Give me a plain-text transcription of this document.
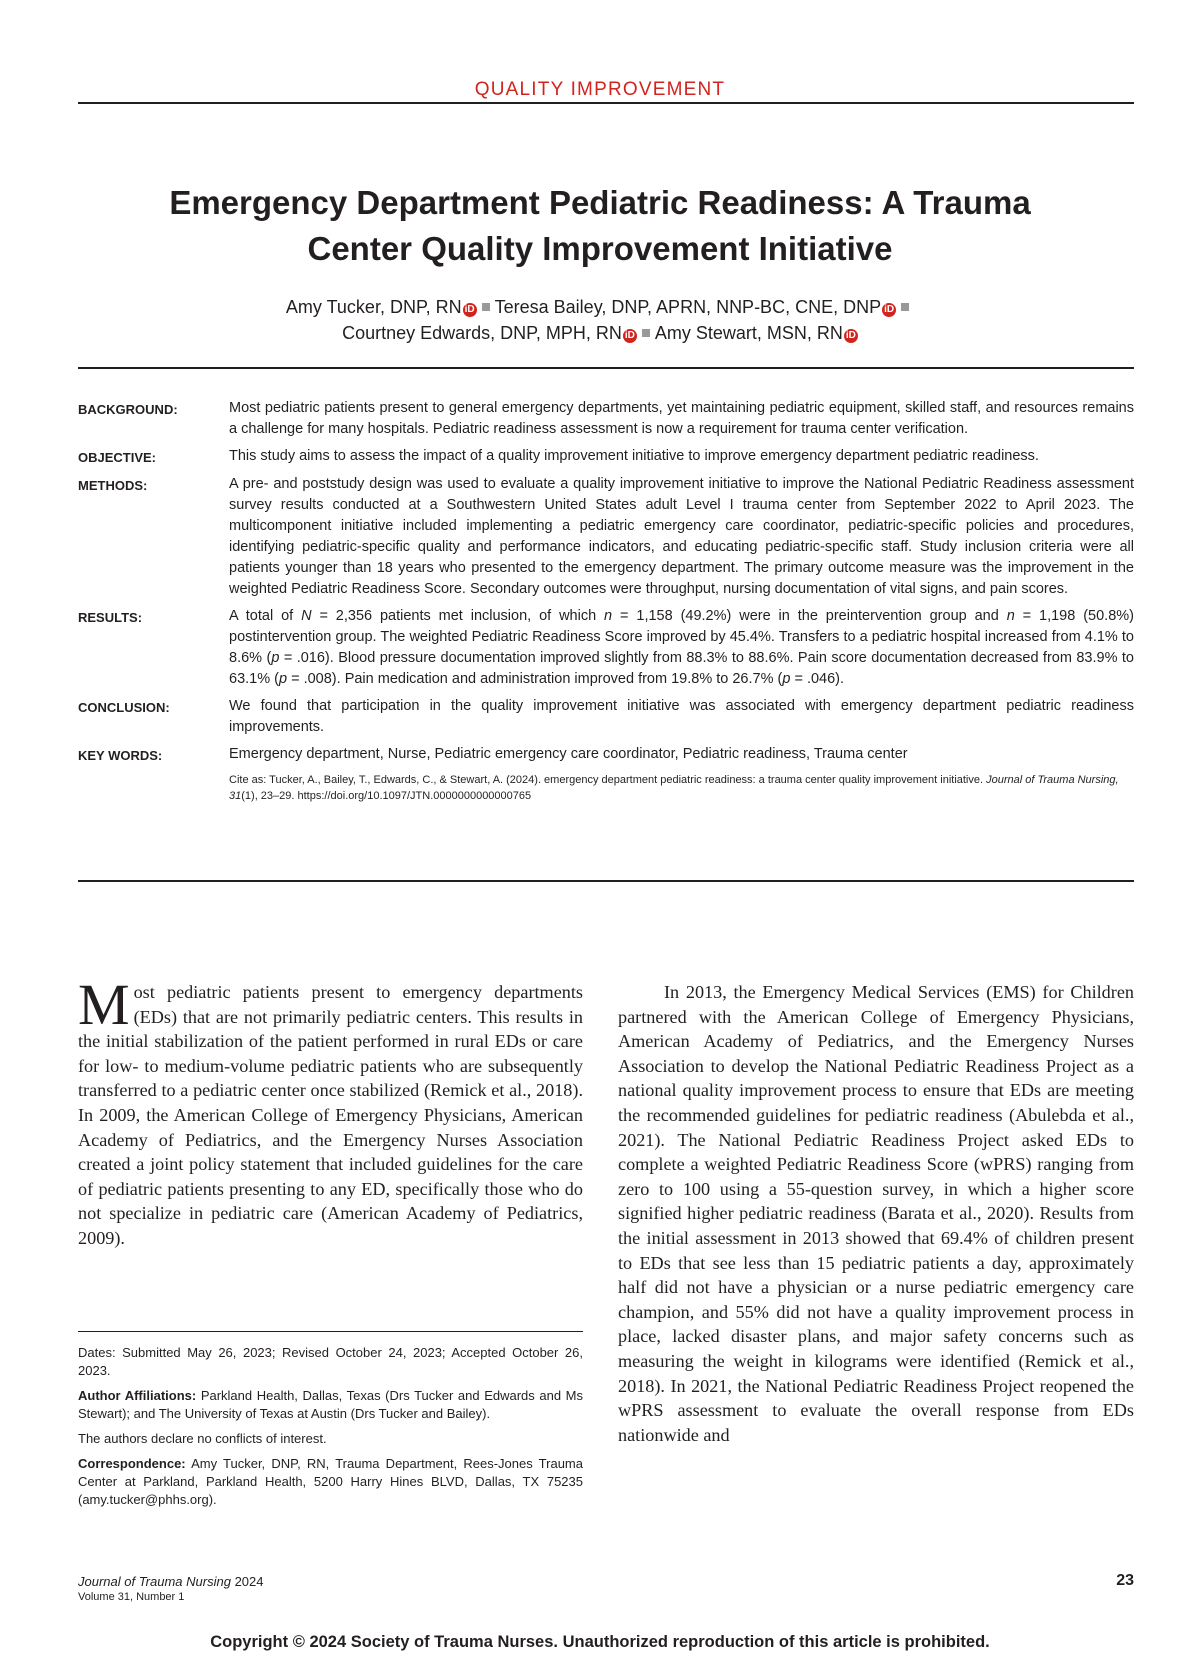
QUALITY IMPROVEMENT
Emergency Department Pediatric Readiness: A Trauma
Center Quality Improvement Initiative
Amy Tucker, DNP, RN iD Teresa Bailey, DNP, APRN, NNP-BC, CNE, DNP iD
Courtney Edwards, DNP, MPH, RN iD Amy Stewart, MSN, RN iD
BACKGROUND:	Most pediatric patients present to general emergency departments, yet maintaining pediatric equipment, skilled staff, and resources remains a challenge for many hospitals. Pediatric readiness assessment is now a requirement for trauma center verification.
OBJECTIVE:	This study aims to assess the impact of a quality improvement initiative to improve emergency department pediatric readiness.
METHODS:	A pre- and poststudy design was used to evaluate a quality improvement initiative to improve the National Pediatric Readiness assessment survey results conducted at a Southwestern United States adult Level I trauma center from September 2022 to April 2023. The multicomponent initiative included implementing a pediatric emergency care coordinator, pediatric-specific policies and procedures, identifying pediatric-specific quality and performance indicators, and educating pediatric-specific staff. Study inclusion criteria were all patients younger than 18 years who presented to the emergency department. The primary outcome measure was the improvement in the weighted Pediatric Readiness Score. Secondary outcomes were throughput, nursing documentation of vital signs, and pain scores.
RESULTS:	A total of N = 2,356 patients met inclusion, of which n = 1,158 (49.2%) were in the preintervention group and n = 1,198 (50.8%) postintervention group. The weighted Pediatric Readiness Score improved by 45.4%. Transfers to a pediatric hospital increased from 4.1% to 8.6% (p = .016). Blood pressure documentation improved slightly from 88.3% to 88.6%. Pain score documentation decreased from 83.9% to 63.1% (p = .008). Pain medication and administration improved from 19.8% to 26.7% (p = .046).
CONCLUSION:	We found that participation in the quality improvement initiative was associated with emergency department pediatric readiness improvements.
KEY WORDS:	Emergency department, Nurse, Pediatric emergency care coordinator, Pediatric readiness, Trauma center
Cite as: Tucker, A., Bailey, T., Edwards, C., & Stewart, A. (2024). emergency department pediatric readiness: a trauma center quality improvement initiative. Journal of Trauma Nursing, 31(1), 23–29. https://doi.org/10.1097/JTN.0000000000000765

Most pediatric patients present to emergency departments (EDs) that are not primarily pediatric centers. This results in the initial stabilization of the patient performed in rural EDs or care for low- to medium-volume pediatric patients who are subsequently transferred to a pediatric center once stabilized (Remick et al., 2018). In 2009, the American College of Emergency Physicians, American Academy of Pediatrics, and the Emergency Nurses Association created a joint policy statement that included guidelines for the care of pediatric patients presenting to any ED, specifically those who do not specialize in pediatric care (American Academy of Pediatrics, 2009).

Dates: Submitted May 26, 2023; Revised October 24, 2023; Accepted October 26, 2023.

Author Affiliations: Parkland Health, Dallas, Texas (Drs Tucker and Edwards and Ms Stewart); and The University of Texas at Austin (Drs Tucker and Bailey).

The authors declare no conflicts of interest.

Correspondence: Amy Tucker, DNP, RN, Trauma Department, Rees-Jones Trauma Center at Parkland, Parkland Health, 5200 Harry Hines BLVD, Dallas, TX 75235 (amy.tucker@phhs.org).

In 2013, the Emergency Medical Services (EMS) for Children partnered with the American College of Emergency Physicians, American Academy of Pediatrics, and the Emergency Nurses Association to develop the National Pediatric Readiness Project as a national quality improvement process to ensure that EDs are meeting the recommended guidelines for pediatric readiness (Abulebda et al., 2021). The National Pediatric Readiness Project asked EDs to complete a weighted Pediatric Readiness Score (wPRS) ranging from zero to 100 using a 55-question survey, in which a higher score signified higher pediatric readiness (Barata et al., 2020). Results from the initial assessment in 2013 showed that 69.4% of children present to EDs that see less than 15 pediatric patients a day, approximately half did not have a physician or a nurse pediatric emergency care champion, and 55% did not have a quality improvement process in place, lacked disaster plans, and major safety concerns such as measuring the weight in kilograms were identified (Remick et al., 2018). In 2021, the National Pediatric Readiness Project reopened the wPRS assessment to evaluate the overall response from EDs nationwide and

Journal of Trauma Nursing 2024
Volume 31, Number 1
23
Copyright © 2024 Society of Trauma Nurses. Unauthorized reproduction of this article is prohibited.
